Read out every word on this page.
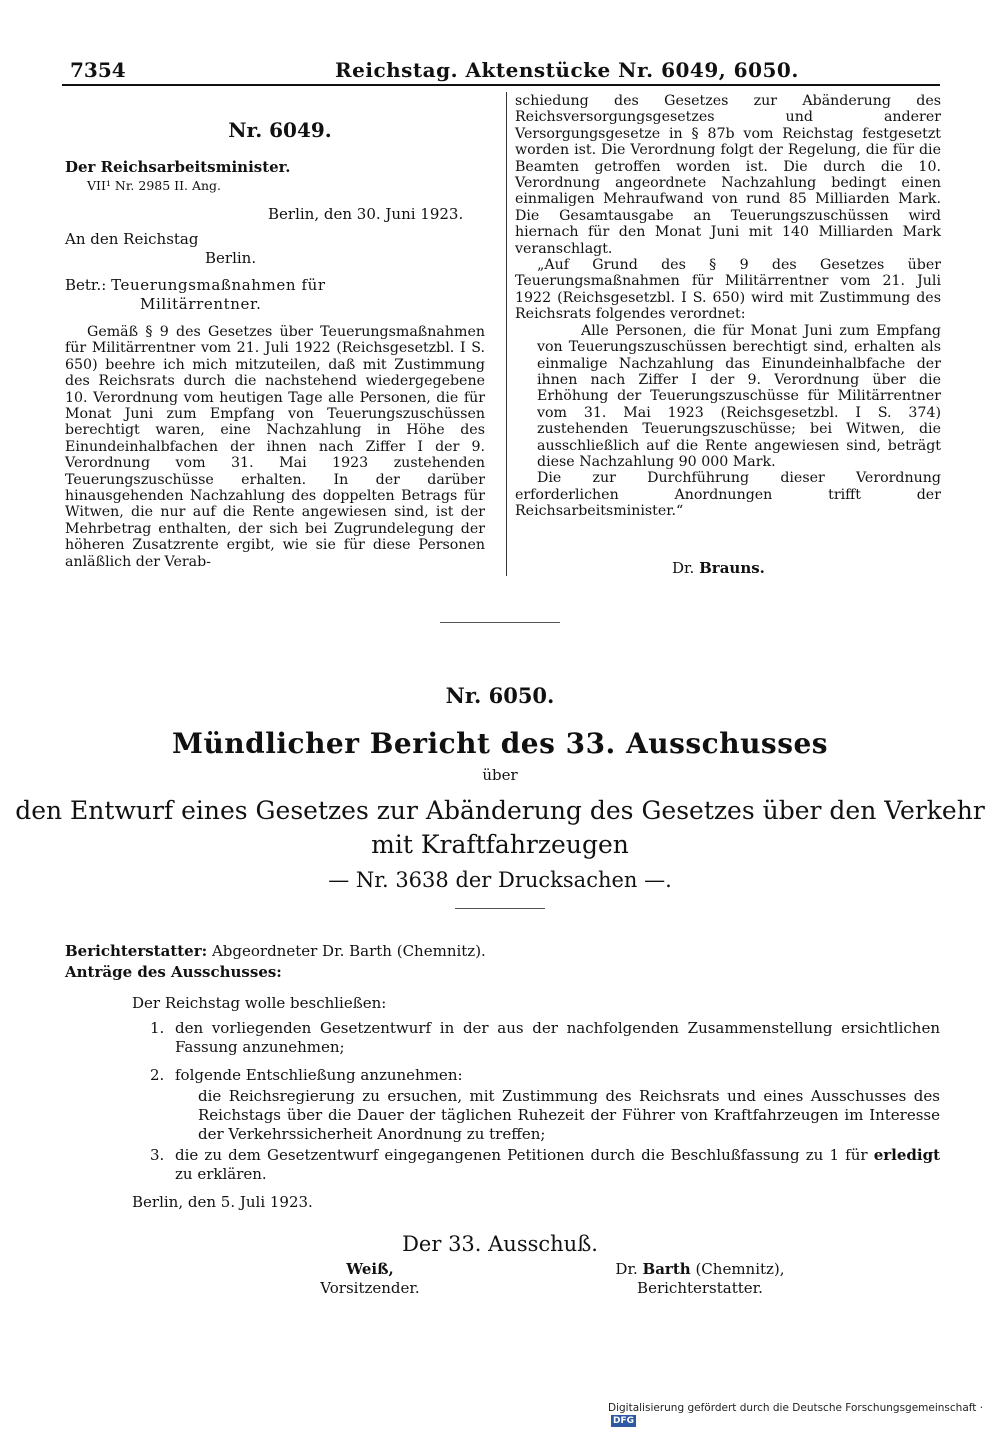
7354	Reichstag. Aktenstücke Nr. 6049, 6050.
Nr. 6049.
Der Reichsarbeitsminister.
VII¹ Nr. 2985 II. Ang.
Berlin, den 30. Juni 1923.
An den Reichstag
Berlin.
Betr.: Teuerungsmaßnahmen für
Militärrentner.

Gemäß § 9 des Gesetzes über Teuerungsmaßnahmen für Militärrentner vom 21. Juli 1922 (Reichsgesetzbl. I S. 650) beehre ich mich mitzuteilen, daß mit Zustimmung des Reichsrats durch die nachstehend wiedergegebene 10. Verordnung vom heutigen Tage alle Personen, die für Monat Juni zum Empfang von Teuerungszuschüssen berechtigt waren, eine Nachzahlung in Höhe des Einundeinhalbfachen der ihnen nach Ziffer I der 9. Verordnung vom 31. Mai 1923 zustehenden Teuerungszuschüsse erhalten. In der darüber hinausgehenden Nachzahlung des doppelten Betrags für Witwen, die nur auf die Rente angewiesen sind, ist der Mehrbetrag enthalten, der sich bei Zugrundelegung der höheren Zusatzrente ergibt, wie sie für diese Personen anläßlich der Verab-

schiedung des Gesetzes zur Abänderung des Reichsversorgungsgesetzes und anderer Versorgungsgesetze in § 87b vom Reichstag festgesetzt worden ist. Die Verordnung folgt der Regelung, die für die Beamten getroffen worden ist. Die durch die 10. Verordnung angeordnete Nachzahlung bedingt einen einmaligen Mehraufwand von rund 85 Milliarden Mark. Die Gesamtausgabe an Teuerungszuschüssen wird hiernach für den Monat Juni mit 140 Milliarden Mark veranschlagt.

„Auf Grund des § 9 des Gesetzes über Teuerungsmaßnahmen für Militärrentner vom 21. Juli 1922 (Reichsgesetzbl. I S. 650) wird mit Zustimmung des Reichsrats folgendes verordnet:

Alle Personen, die für Monat Juni zum Empfang von Teuerungszuschüssen berechtigt sind, erhalten als einmalige Nachzahlung das Einundeinhalbfache der ihnen nach Ziffer I der 9. Verordnung über die Erhöhung der Teuerungszuschüsse für Militärrentner vom 31. Mai 1923 (Reichsgesetzbl. I S. 374) zustehenden Teuerungszuschüsse; bei Witwen, die ausschließlich auf die Rente angewiesen sind, beträgt diese Nachzahlung 90 000 Mark.

Die zur Durchführung dieser Verordnung erforderlichen Anordnungen trifft der Reichsarbeitsminister.“

Dr. Brauns.
Nr. 6050.
Mündlicher Bericht des 33. Ausschusses
über
den Entwurf eines Gesetzes zur Abänderung des Gesetzes über den Verkehr
mit Kraftfahrzeugen
— Nr. 3638 der Drucksachen —.
Berichterstatter: Abgeordneter Dr. Barth (Chemnitz).
Anträge des Ausschusses:
Der Reichstag wolle beschließen:
1. den vorliegenden Gesetzentwurf in der aus der nachfolgenden Zusammenstellung ersichtlichen Fassung anzunehmen;
2. folgende Entschließung anzunehmen:
die Reichsregierung zu ersuchen, mit Zustimmung des Reichsrats und eines Ausschusses des Reichstags über die Dauer der täglichen Ruhezeit der Führer von Kraftfahrzeugen im Interesse der Verkehrssicherheit Anordnung zu treffen;
3. die zu dem Gesetzentwurf eingegangenen Petitionen durch die Beschlußfassung zu 1 für erledigt zu erklären.
Berlin, den 5. Juli 1923.
Der 33. Ausschuß.
Weiß,
Vorsitzender.
Dr. Barth (Chemnitz),
Berichterstatter.
Digitalisierung gefördert durch die Deutsche Forschungsgemeinschaft · DFG
